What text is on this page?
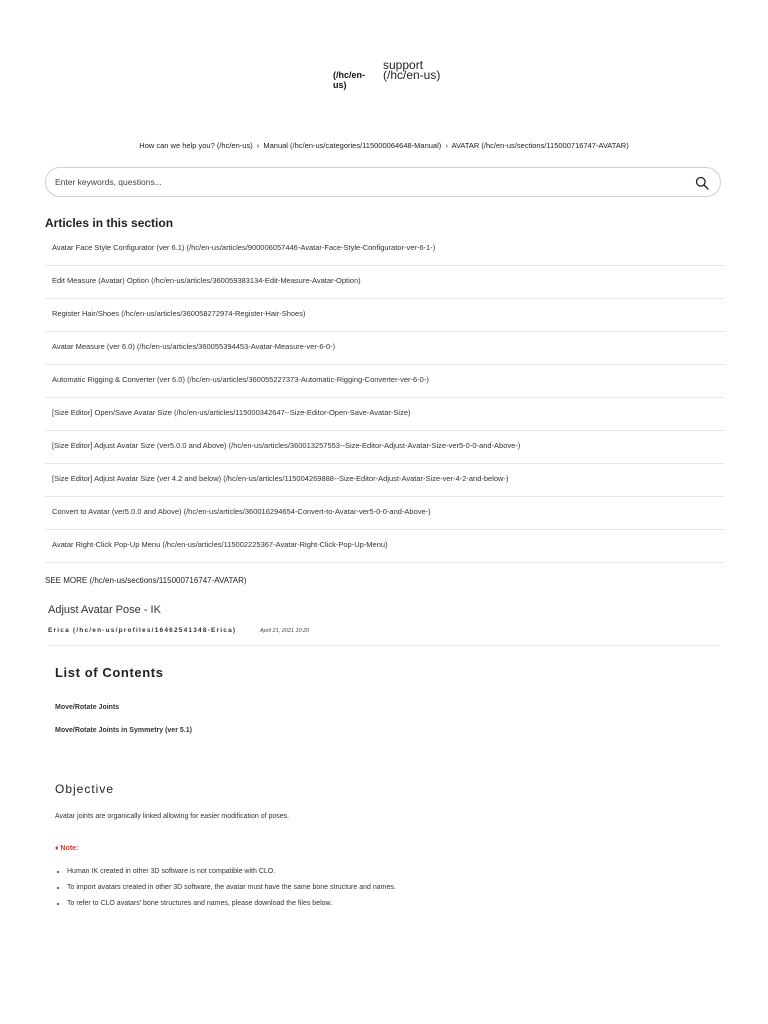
(/hc/en-us)
support (/hc/en-us)
How can we help you? (/hc/en-us) › Manual (/hc/en-us/categories/115000064648-Manual) › AVATAR (/hc/en-us/sections/115000716747-AVATAR)
Enter keywords, questions...
Articles in this section
Avatar Face Style Configurator (ver 6.1) (/hc/en-us/articles/900006057446-Avatar-Face-Style-Configurator-ver-6-1-)
Edit Measure (Avatar) Option (/hc/en-us/articles/360059383134-Edit-Measure-Avatar-Option)
Register Hair/Shoes (/hc/en-us/articles/360058272974-Register-Hair-Shoes)
Avatar Measure (ver 6.0) (/hc/en-us/articles/360055394453-Avatar-Measure-ver-6-0-)
Automatic Rigging & Converter (ver 6.0) (/hc/en-us/articles/360055227373-Automatic-Rigging-Converter-ver-6-0-)
[Size Editor] Open/Save Avatar Size (/hc/en-us/articles/115000342647--Size-Editor-Open-Save-Avatar-Size)
[Size Editor] Adjust Avatar Size (ver5.0.0 and Above) (/hc/en-us/articles/360013257553--Size-Editor-Adjust-Avatar-Size-ver5-0-0-and-Above-)
[Size Editor] Adjust Avatar Size (ver 4.2 and below) (/hc/en-us/articles/115004269888--Size-Editor-Adjust-Avatar-Size-ver-4-2-and-below-)
Convert to Avatar (ver5.0.0 and Above) (/hc/en-us/articles/360016294654-Convert-to-Avatar-ver5-0-0-and-Above-)
Avatar Right-Click Pop-Up Menu (/hc/en-us/articles/115002225367-Avatar-Right-Click-Pop-Up-Menu)
SEE MORE (/hc/en-us/sections/115000716747-AVATAR)
Adjust Avatar Pose - IK
Erica (/hc/en-us/profiles/16462541348-Erica)	April 21, 2021 10:20
List of Contents
Move/Rotate Joints
Move/Rotate Joints in Symmetry (ver 5.1)
Objective

Avatar joints are organically linked allowing for easier modification of poses.

♦ Note:
• Human IK created in other 3D software is not compatible with CLO.
• To import avatars created in other 3D software, the avatar must have the same bone structure and names.
• To refer to CLO avatars' bone structures and names, please download the files below.
